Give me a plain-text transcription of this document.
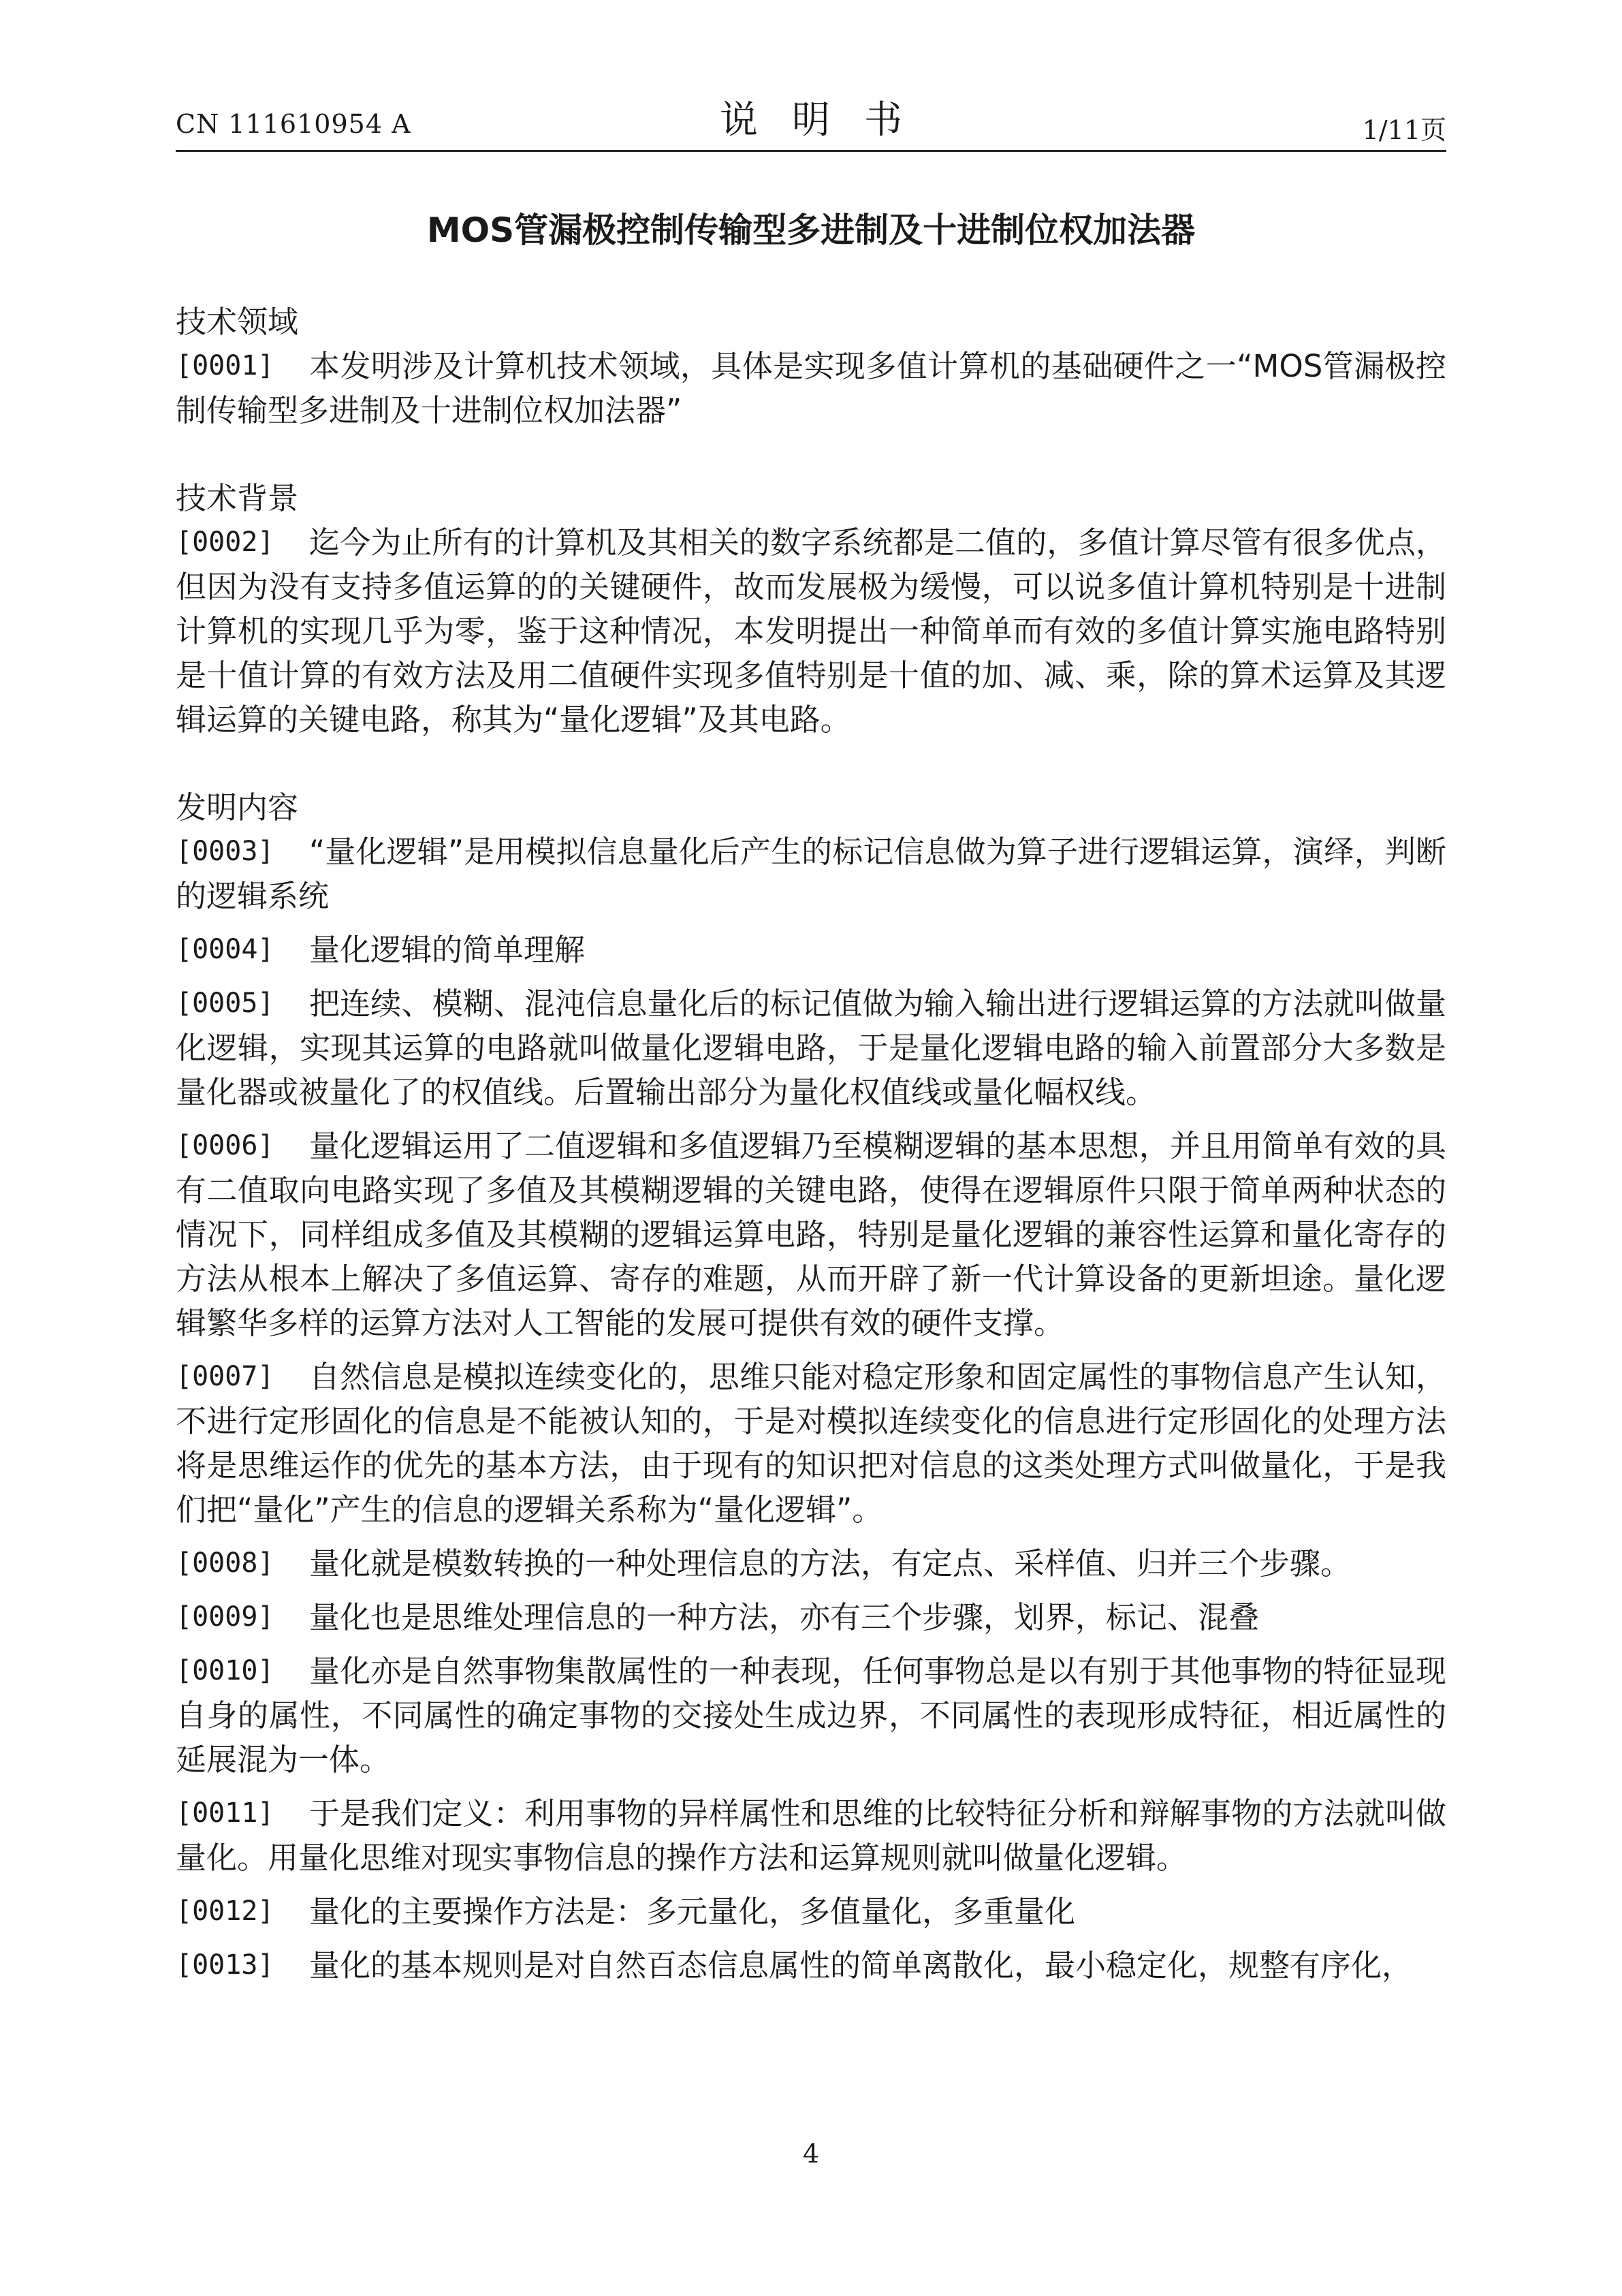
CN 111610954 A	说明书	1/11页
MOS管漏极控制传输型多进制及十进制位权加法器
技术领域
[0001] 本发明涉及计算机技术领域，具体是实现多值计算机的基础硬件之一“MOS管漏极控制传输型多进制及十进制位权加法器”
技术背景
[0002] 迄今为止所有的计算机及其相关的数字系统都是二值的，多值计算尽管有很多优点，但因为没有支持多值运算的的关键硬件，故而发展极为缓慢，可以说多值计算机特别是十进制计算机的实现几乎为零，鉴于这种情况，本发明提出一种简单而有效的多值计算实施电路特别是十值计算的有效方法及用二值硬件实现多值特别是十值的加、减、乘，除的算术运算及其逻辑运算的关键电路，称其为“量化逻辑”及其电路。
发明内容
[0003] “量化逻辑”是用模拟信息量化后产生的标记信息做为算子进行逻辑运算，演绎，判断的逻辑系统
[0004] 量化逻辑的简单理解
[0005] 把连续、模糊、混沌信息量化后的标记值做为输入输出进行逻辑运算的方法就叫做量化逻辑，实现其运算的电路就叫做量化逻辑电路，于是量化逻辑电路的输入前置部分大多数是量化器或被量化了的权值线。后置输出部分为量化权值线或量化幅权线。
[0006] 量化逻辑运用了二值逻辑和多值逻辑乃至模糊逻辑的基本思想，并且用简单有效的具有二值取向电路实现了多值及其模糊逻辑的关键电路，使得在逻辑原件只限于简单两种状态的情况下，同样组成多值及其模糊的逻辑运算电路，特别是量化逻辑的兼容性运算和量化寄存的方法从根本上解决了多值运算、寄存的难题，从而开辟了新一代计算设备的更新坦途。量化逻辑繁华多样的运算方法对人工智能的发展可提供有效的硬件支撑。
[0007] 自然信息是模拟连续变化的，思维只能对稳定形象和固定属性的事物信息产生认知，不进行定形固化的信息是不能被认知的，于是对模拟连续变化的信息进行定形固化的处理方法将是思维运作的优先的基本方法，由于现有的知识把对信息的这类处理方式叫做量化，于是我们把“量化”产生的信息的逻辑关系称为“量化逻辑”。
[0008] 量化就是模数转换的一种处理信息的方法，有定点、采样值、归并三个步骤。
[0009] 量化也是思维处理信息的一种方法，亦有三个步骤，划界，标记、混叠
[0010] 量化亦是自然事物集散属性的一种表现，任何事物总是以有别于其他事物的特征显现自身的属性，不同属性的确定事物的交接处生成边界，不同属性的表现形成特征，相近属性的延展混为一体。
[0011] 于是我们定义：利用事物的异样属性和思维的比较特征分析和辩解事物的方法就叫做量化。用量化思维对现实事物信息的操作方法和运算规则就叫做量化逻辑。
[0012] 量化的主要操作方法是：多元量化，多值量化，多重量化
[0013] 量化的基本规则是对自然百态信息属性的简单离散化，最小稳定化，规整有序化，
4
